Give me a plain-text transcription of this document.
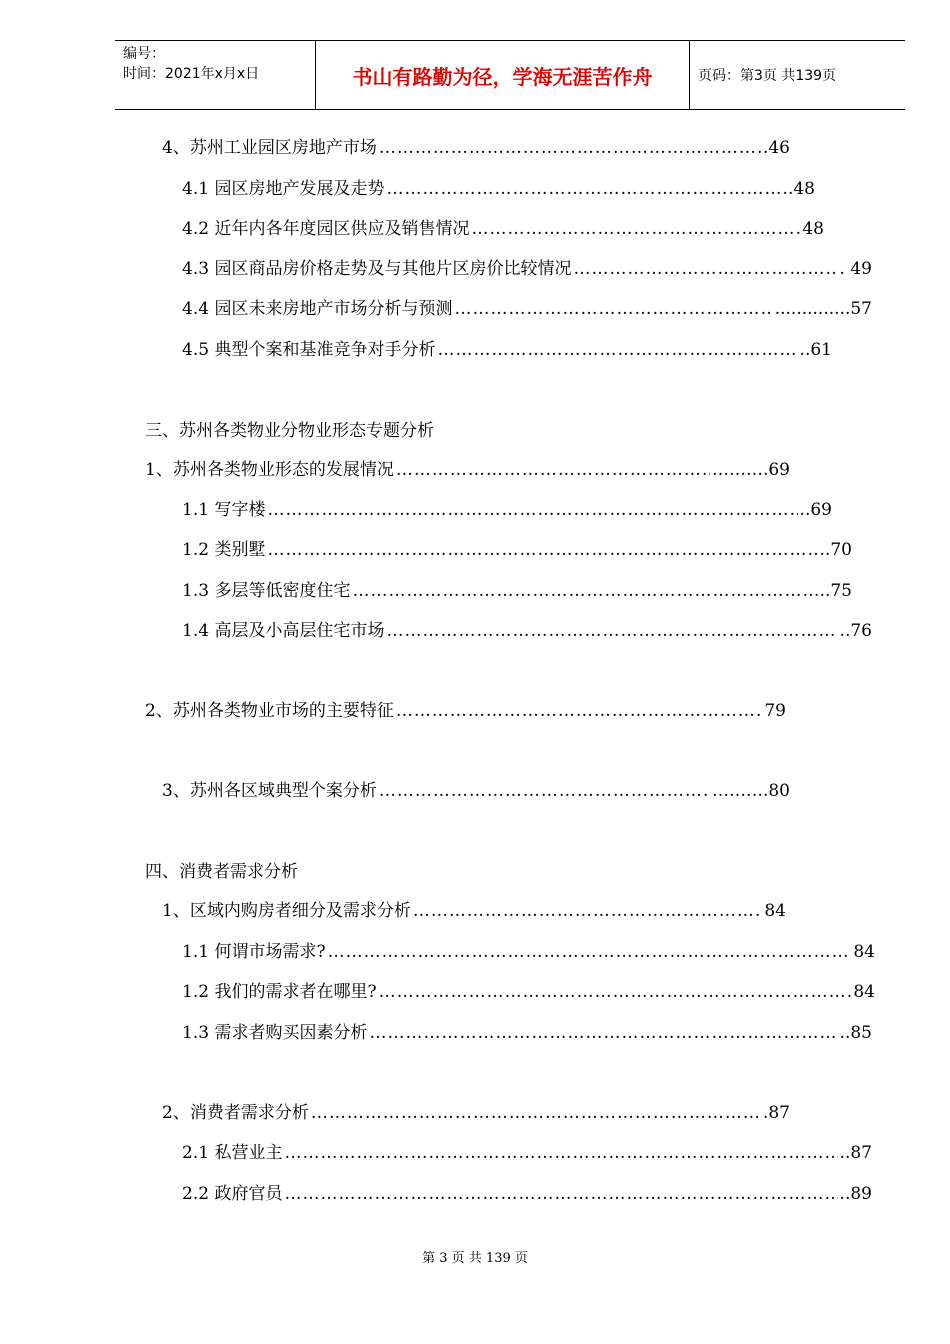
编号：
时间：2021年x月x日	书山有路勤为径，学海无涯苦作舟	页码：第3页 共139页
4、苏州工业园区房地产市场 ……………………………………………………………………………………………………………………………………………………………	.46
4.1 园区房地产发展及走势 ……………………………………………………………………………………………………………………………………………………………	..48
4.2 近年内各年度园区供应及销售情况 ……………………………………………………………………………………………………………………………………………………………	48
4.3 园区商品房价格走势及与其他片区房价比较情况 ……………………………………………………………………………………………………………………………………………………………	. 49
4.4 园区未来房地产市场分析与预测 ……………………………………………………………………………………………………………………………………………………………	..............57
4.5 典型个案和基准竞争对手分析 ……………………………………………………………………………………………………………………………………………………………	..61
三、苏州各类物业分物业形态专题分析
1、苏州各类物业形态的发展情况 ……………………………………………………………………………………………………………………………………………………………	……….69
1.1 写字楼 ……………………………………………………………………………………………………………………………………………………………	..69
1.2 类别墅 ……………………………………………………………………………………………………………………………………………………………	..70
1.3 多层等低密度住宅 ……………………………………………………………………………………………………………………………………………………………	..75
1.4 高层及小高层住宅市场 ……………………………………………………………………………………………………………………………………………………………	..76
2、苏州各类物业市场的主要特征 ……………………………………………………………………………………………………………………………………………………………	79
3、苏州各区域典型个案分析 ……………………………………………………………………………………………………………………………………………………………	……….80
四、消费者需求分析
1、区域内购房者细分及需求分析 ……………………………………………………………………………………………………………………………………………………………	84
1.1 何谓市场需求? ……………………………………………………………………………………………………………………………………………………………	84
1.2 我们的需求者在哪里? ……………………………………………………………………………………………………………………………………………………………	84
1.3 需求者购买因素分析 ……………………………………………………………………………………………………………………………………………………………	..85
2、消费者需求分析 ……………………………………………………………………………………………………………………………………………………………	.87
2.1 私营业主 ……………………………………………………………………………………………………………………………………………………………	..87
2.2 政府官员 ……………………………………………………………………………………………………………………………………………………………	..89
第 3 页 共 139 页
